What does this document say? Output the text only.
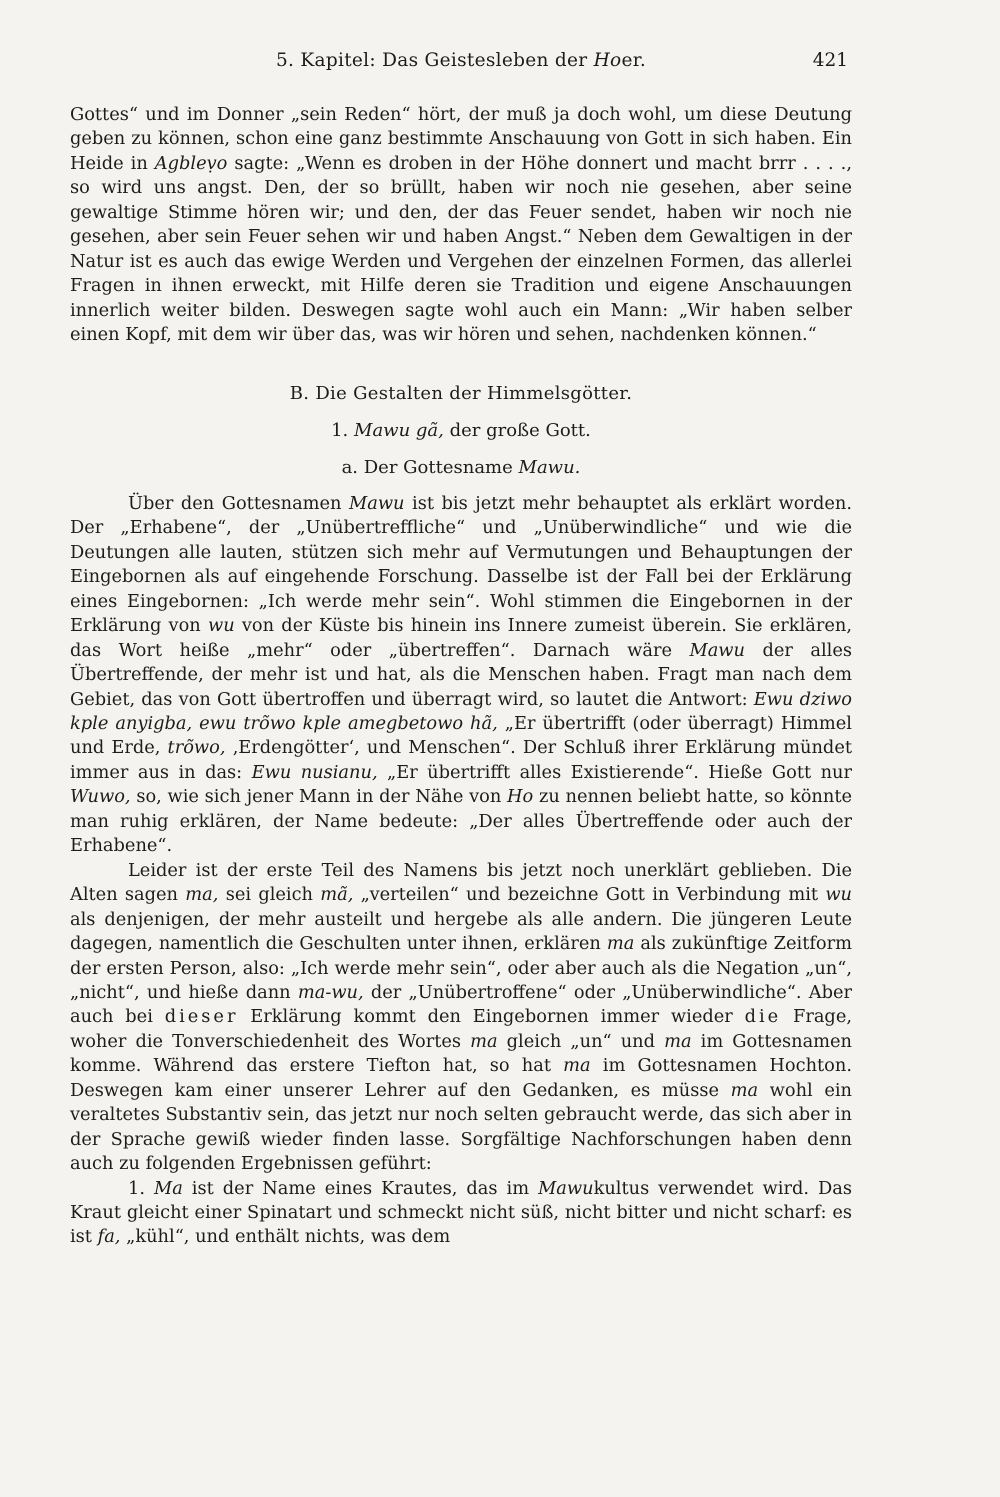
5. Kapitel: Das Geistesleben der Hoer.	421

Gottes“ und im Donner „sein Reden“ hört, der muß ja doch wohl, um diese Deutung geben zu können, schon eine ganz bestimmte Anschauung von Gott in sich haben. Ein Heide in Agbleṿo sagte: „Wenn es droben in der Höhe donnert und macht brrr . . . ., so wird uns angst. Den, der so brüllt, haben wir noch nie gesehen, aber seine gewaltige Stimme hören wir; und den, der das Feuer sendet, haben wir noch nie gesehen, aber sein Feuer sehen wir und haben Angst.“ Neben dem Gewaltigen in der Natur ist es auch das ewige Werden und Vergehen der einzelnen Formen, das allerlei Fragen in ihnen erweckt, mit Hilfe deren sie Tradition und eigene Anschauungen innerlich weiter bilden. Deswegen sagte wohl auch ein Mann: „Wir haben selber einen Kopf, mit dem wir über das, was wir hören und sehen, nachdenken können.“

B. Die Gestalten der Himmelsgötter.

1. Mawu gã, der große Gott.

a. Der Gottesname Mawu.

Über den Gottesnamen Mawu ist bis jetzt mehr behauptet als erklärt worden. Der „Erhabene“, der „Unübertreffliche“ und „Unüberwindliche“ und wie die Deutungen alle lauten, stützen sich mehr auf Vermutungen und Behauptungen der Eingebornen als auf eingehende Forschung. Dasselbe ist der Fall bei der Erklärung eines Eingebornen: „Ich werde mehr sein“. Wohl stimmen die Eingebornen in der Erklärung von wu von der Küste bis hinein ins Innere zumeist überein. Sie erklären, das Wort heiße „mehr“ oder „übertreffen“. Darnach wäre Mawu der alles Übertreffende, der mehr ist und hat, als die Menschen haben. Fragt man nach dem Gebiet, das von Gott übertroffen und überragt wird, so lautet die Antwort: Ewu dziwo kple anyigba, ewu trõwo kple amegbetowo hã, „Er übertrifft (oder überragt) Himmel und Erde, trõwo, ‚Erdengötter‘, und Menschen“. Der Schluß ihrer Erklärung mündet immer aus in das: Ewu nusianu, „Er übertrifft alles Existierende“. Hieße Gott nur Wuwo, so, wie sich jener Mann in der Nähe von Ho zu nennen beliebt hatte, so könnte man ruhig erklären, der Name bedeute: „Der alles Übertreffende oder auch der Erhabene“.

Leider ist der erste Teil des Namens bis jetzt noch unerklärt geblieben. Die Alten sagen ma, sei gleich mã, „verteilen“ und bezeichne Gott in Verbindung mit wu als denjenigen, der mehr austeilt und hergebe als alle andern. Die jüngeren Leute dagegen, namentlich die Geschulten unter ihnen, erklären ma als zukünftige Zeitform der ersten Person, also: „Ich werde mehr sein“, oder aber auch als die Negation „un“, „nicht“, und hieße dann ma-wu, der „Unübertroffene“ oder „Unüberwindliche“. Aber auch bei dieser Erklärung kommt den Eingebornen immer wieder die Frage, woher die Tonverschiedenheit des Wortes ma gleich „un“ und ma im Gottesnamen komme. Während das erstere Tiefton hat, so hat ma im Gottesnamen Hochton. Deswegen kam einer unserer Lehrer auf den Gedanken, es müsse ma wohl ein veraltetes Substantiv sein, das jetzt nur noch selten gebraucht werde, das sich aber in der Sprache gewiß wieder finden lasse. Sorgfältige Nachforschungen haben denn auch zu folgenden Ergebnissen geführt:

1. Ma ist der Name eines Krautes, das im Mawukultus verwendet wird. Das Kraut gleicht einer Spinatart und schmeckt nicht süß, nicht bitter und nicht scharf: es ist fa, „kühl“, und enthält nichts, was dem
